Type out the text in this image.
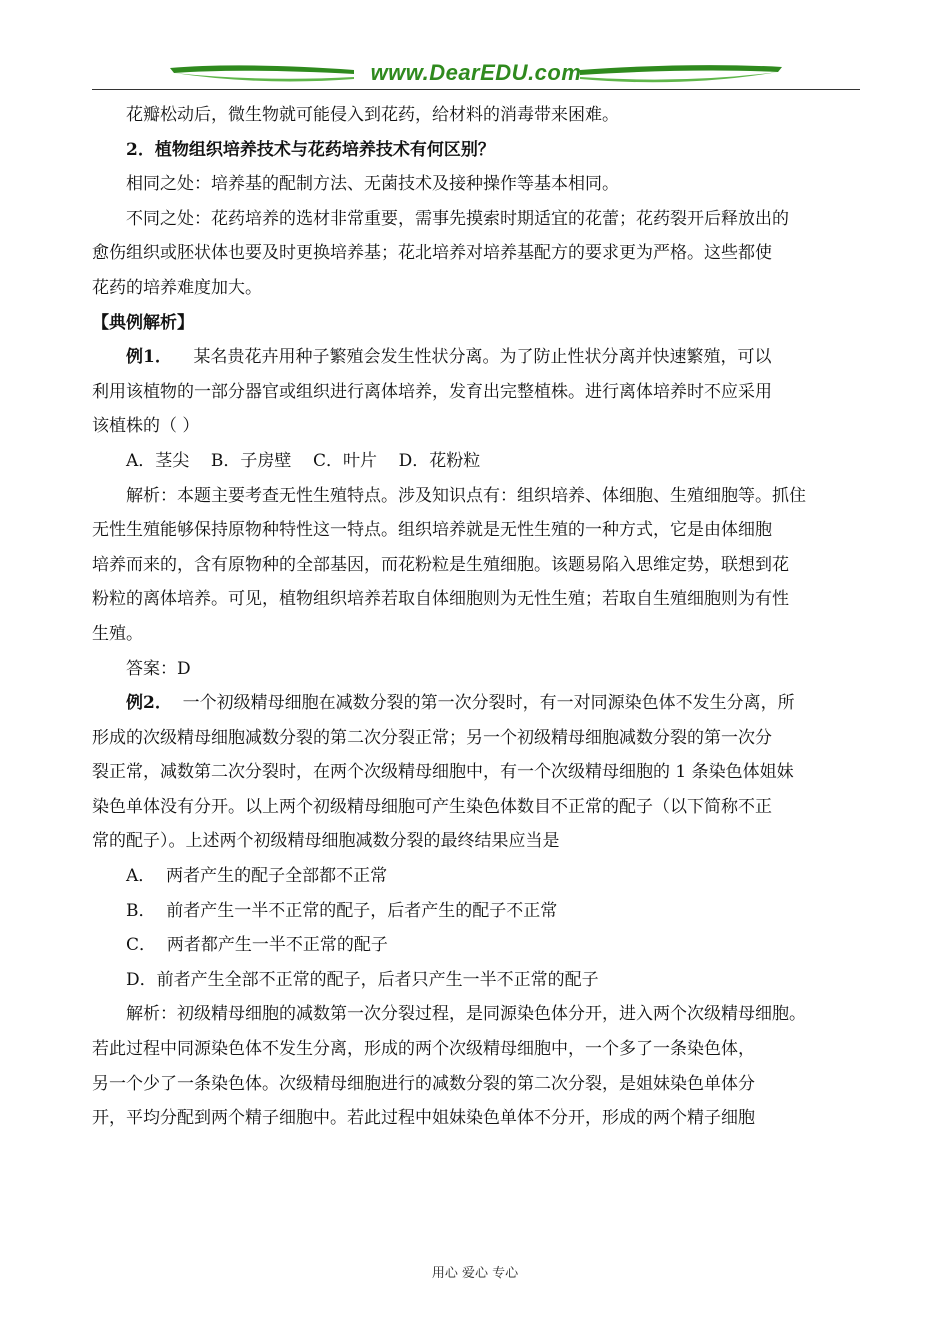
www.DearEDU.com
花瓣松动后，微生物就可能侵入到花药，给材料的消毒带来困难。
2．植物组织培养技术与花药培养技术有何区别？
相同之处：培养基的配制方法、无菌技术及接种操作等基本相同。
不同之处：花药培养的选材非常重要，需事先摸索时期适宜的花蕾；花药裂开后释放出的
愈伤组织或胚状体也要及时更换培养基；花北培养对培养基配方的要求更为严格。这些都使
花药的培养难度加大。
【典例解析】
例1．    某名贵花卉用种子繁殖会发生性状分离。为了防止性状分离并快速繁殖，可以
利用该植物的一部分器官或组织进行离体培养，发育出完整植株。进行离体培养时不应采用
该植株的（ ）
A．茎尖    B．子房壁    C．叶片    D．花粉粒
解析：本题主要考查无性生殖特点。涉及知识点有：组织培养、体细胞、生殖细胞等。抓住
无性生殖能够保持原物种特性这一特点。组织培养就是无性生殖的一种方式，它是由体细胞
培养而来的，含有原物种的全部基因，而花粉粒是生殖细胞。该题易陷入思维定势，联想到花
粉粒的离体培养。可见，植物组织培养若取自体细胞则为无性生殖；若取自生殖细胞则为有性
生殖。
答案：D
例2．  一个初级精母细胞在减数分裂的第一次分裂时，有一对同源染色体不发生分离，所
形成的次级精母细胞减数分裂的第二次分裂正常；另一个初级精母细胞减数分裂的第一次分
裂正常，减数第二次分裂时，在两个次级精母细胞中，有一个次级精母细胞的 1 条染色体姐妹
染色单体没有分开。以上两个初级精母细胞可产生染色体数目不正常的配子（以下简称不正
常的配子）。上述两个初级精母细胞减数分裂的最终结果应当是
A．  两者产生的配子全部都不正常
B．  前者产生一半不正常的配子，后者产生的配子不正常
C．  两者都产生一半不正常的配子
D．前者产生全部不正常的配子，后者只产生一半不正常的配子
解析：初级精母细胞的减数第一次分裂过程，是同源染色体分开，进入两个次级精母细胞。
若此过程中同源染色体不发生分离，形成的两个次级精母细胞中，一个多了一条染色体，
另一个少了一条染色体。次级精母细胞进行的减数分裂的第二次分裂，是姐妹染色单体分
开，平均分配到两个精子细胞中。若此过程中姐妹染色单体不分开，形成的两个精子细胞
用心 爱心 专心
